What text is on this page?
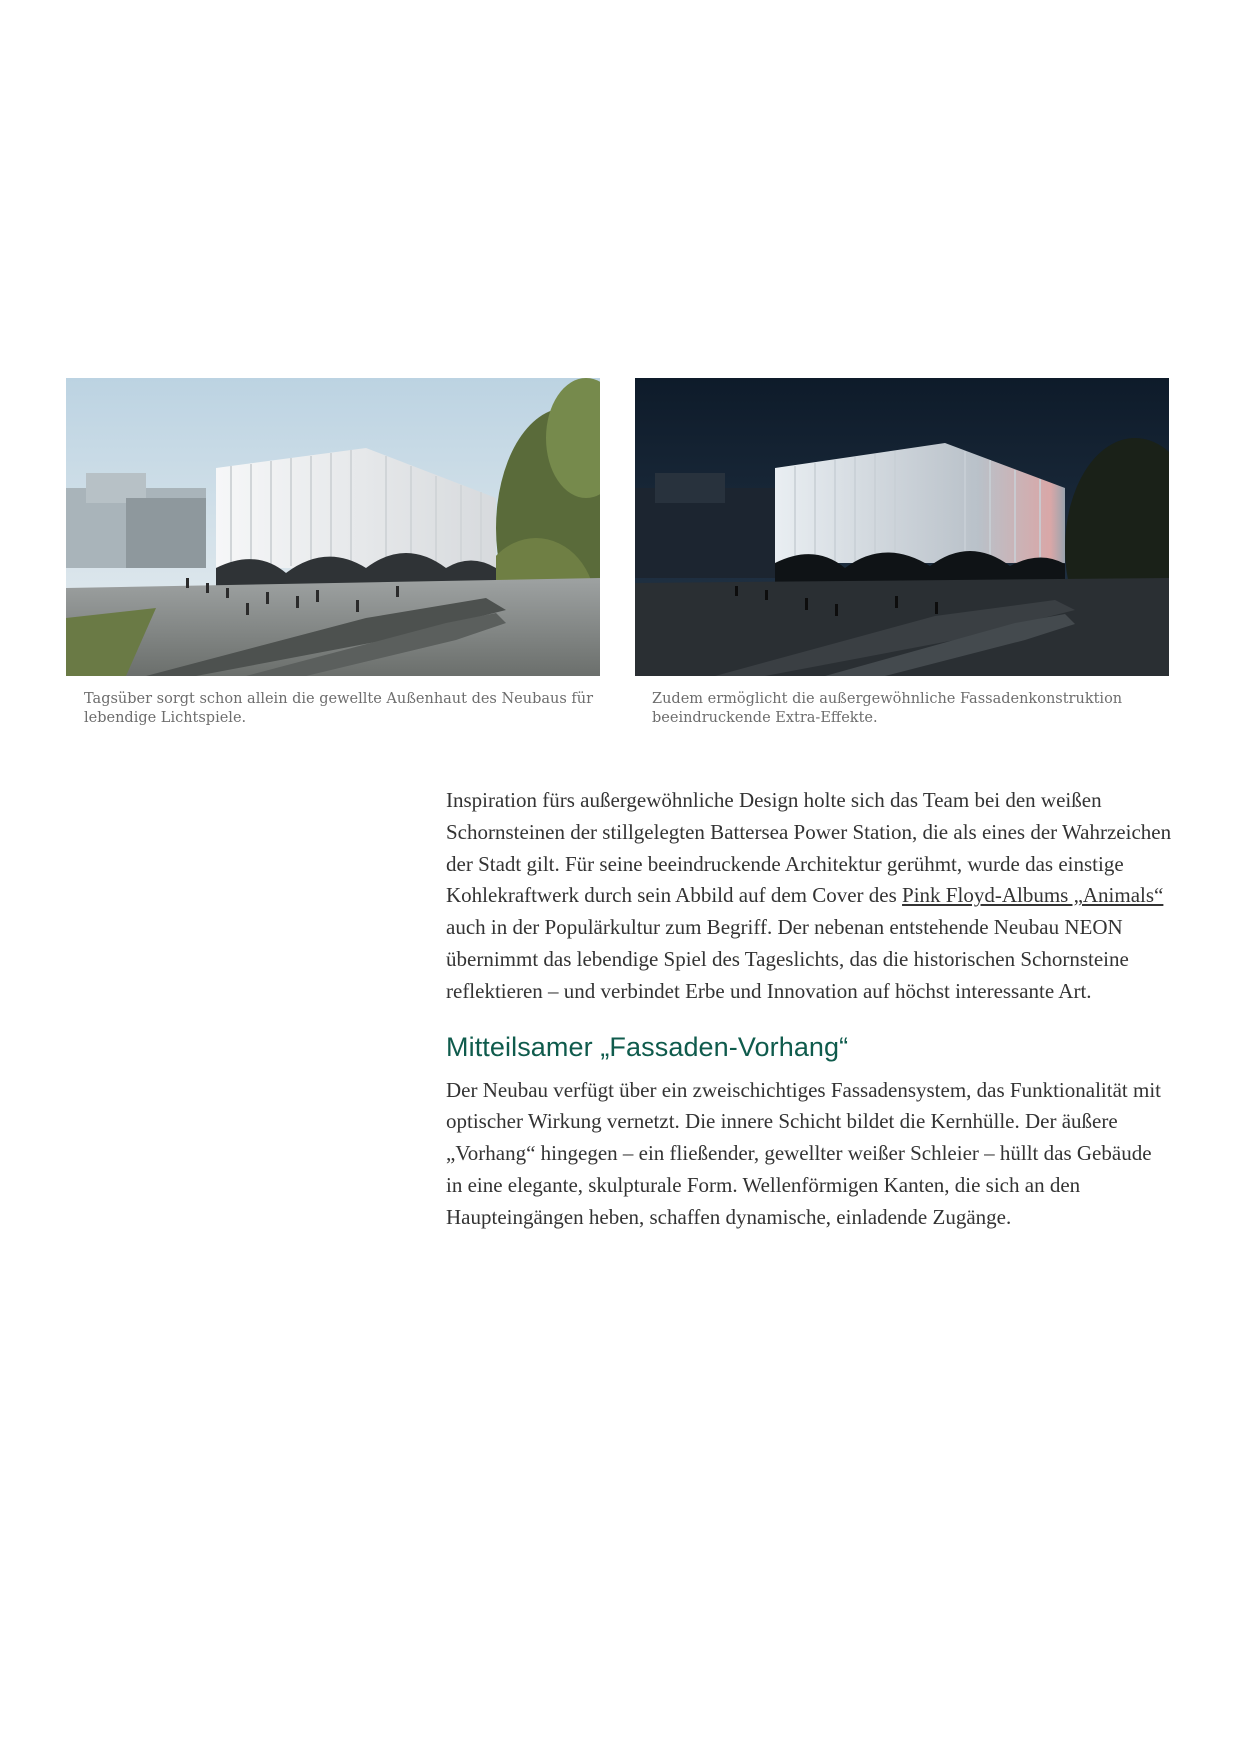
Tagsüber sorgt schon allein die gewellte Außenhaut des Neubaus für lebendige Lichtspiele.
Zudem ermöglicht die außergewöhnliche Fassadenkonstruktion beeindruckende Extra-Effekte.

Inspiration fürs außergewöhnliche Design holte sich das Team bei den weißen Schornsteinen der stillgelegten Battersea Power Station, die als eines der Wahrzeichen der Stadt gilt. Für seine beeindruckende Architektur gerühmt, wurde das einstige Kohlekraftwerk durch sein Abbild auf dem Cover des Pink Floyd-Albums „Animals“ auch in der Populärkultur zum Begriff. Der nebenan entstehende Neubau NEON übernimmt das lebendige Spiel des Tageslichts, das die historischen Schornsteine reflektieren – und verbindet Erbe und Innovation auf höchst interessante Art.

Mitteilsamer „Fassaden-Vorhang“

Der Neubau verfügt über ein zweischichtiges Fassadensystem, das Funktionalität mit optischer Wirkung vernetzt. Die innere Schicht bildet die Kernhülle. Der äußere „Vorhang“ hingegen – ein fließender, gewellter weißer Schleier – hüllt das Gebäude in eine elegante, skulpturale Form. Wellenförmigen Kanten, die sich an den Haupteingängen heben, schaffen dynamische, einladende Zugänge.
